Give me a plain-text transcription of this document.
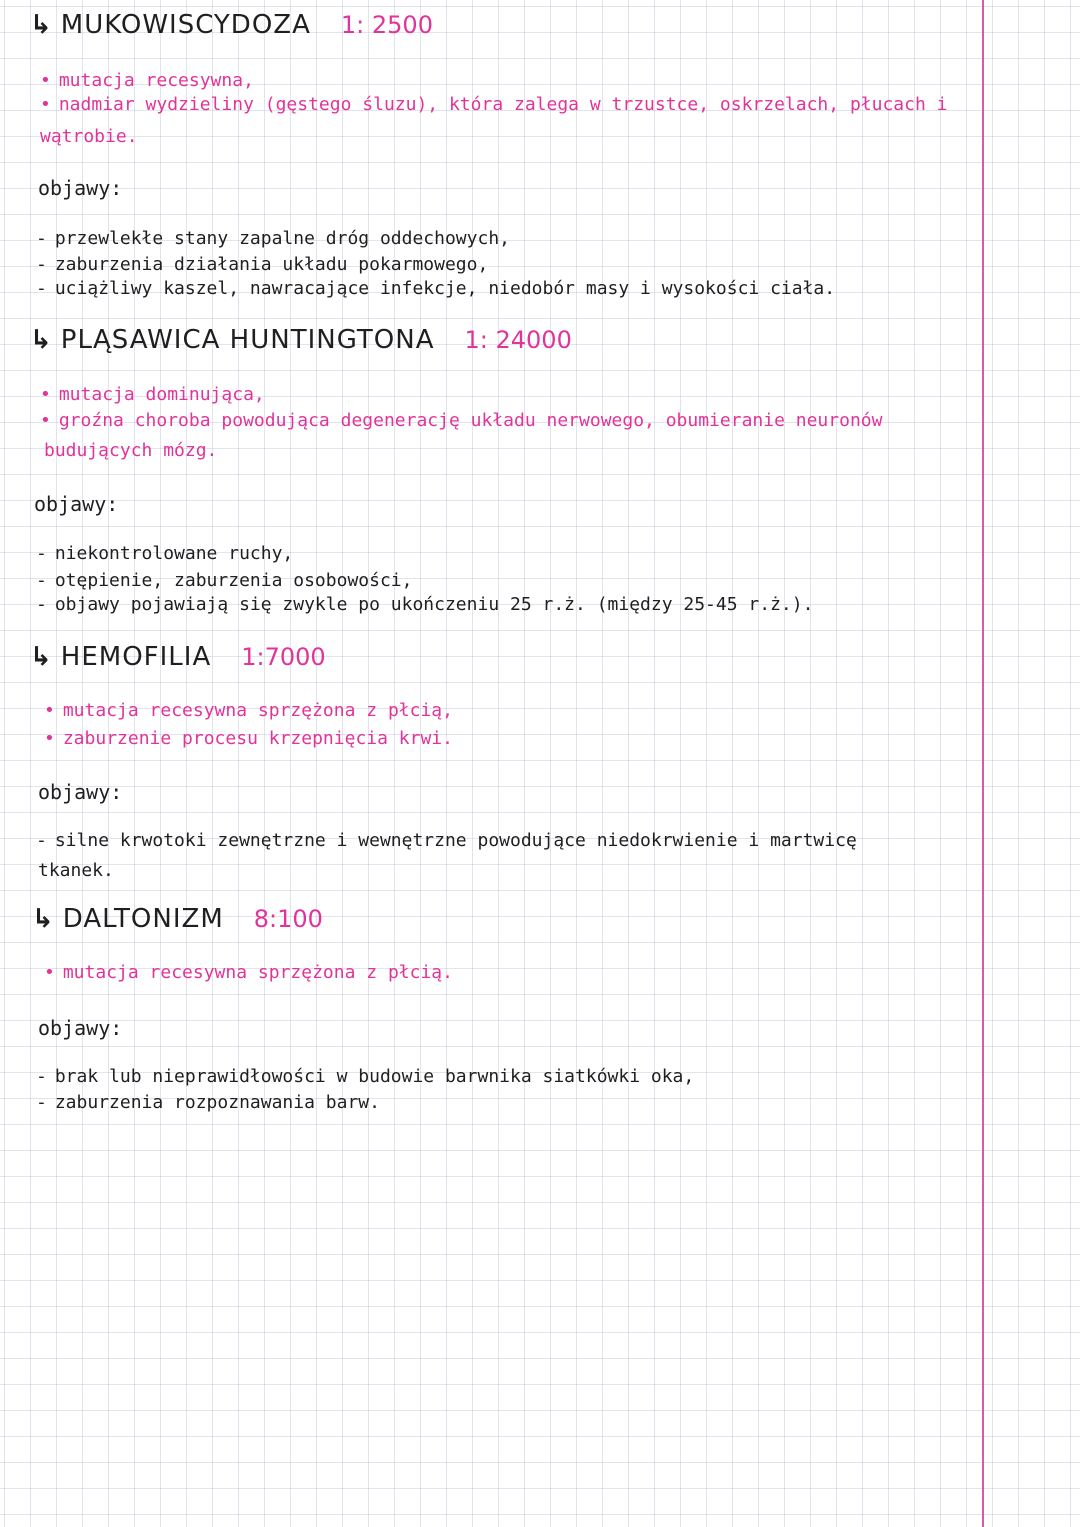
↳ MUKOWISCYDOZA 1: 2500
• mutacja recesywna,
• nadmiar wydzieliny (gęstego śluzu), która zalega w trzustce, oskrzelach, płucach i
wątrobie.
objawy:
- przewlekłe stany zapalne dróg oddechowych,
- zaburzenia działania układu pokarmowego,
- uciążliwy kaszel, nawracające infekcje, niedobór masy i wysokości ciała.
↳ PLĄSAWICA HUNTINGTONA 1: 24000
• mutacja dominująca,
• groźna choroba powodująca degenerację układu nerwowego, obumieranie neuronów
budujących mózg.
objawy:
- niekontrolowane ruchy,
- otępienie, zaburzenia osobowości,
- objawy pojawiają się zwykle po ukończeniu 25 r.ż. (między 25-45 r.ż.).
↳ HEMOFILIA 1:7000
• mutacja recesywna sprzężona z płcią,
• zaburzenie procesu krzepnięcia krwi.
objawy:
- silne krwotoki zewnętrzne i wewnętrzne powodujące niedokrwienie i martwicę
tkanek.
↳ DALTONIZM 8:100
• mutacja recesywna sprzężona z płcią.
objawy:
- brak lub nieprawidłowości w budowie barwnika siatkówki oka,
- zaburzenia rozpoznawania barw.
